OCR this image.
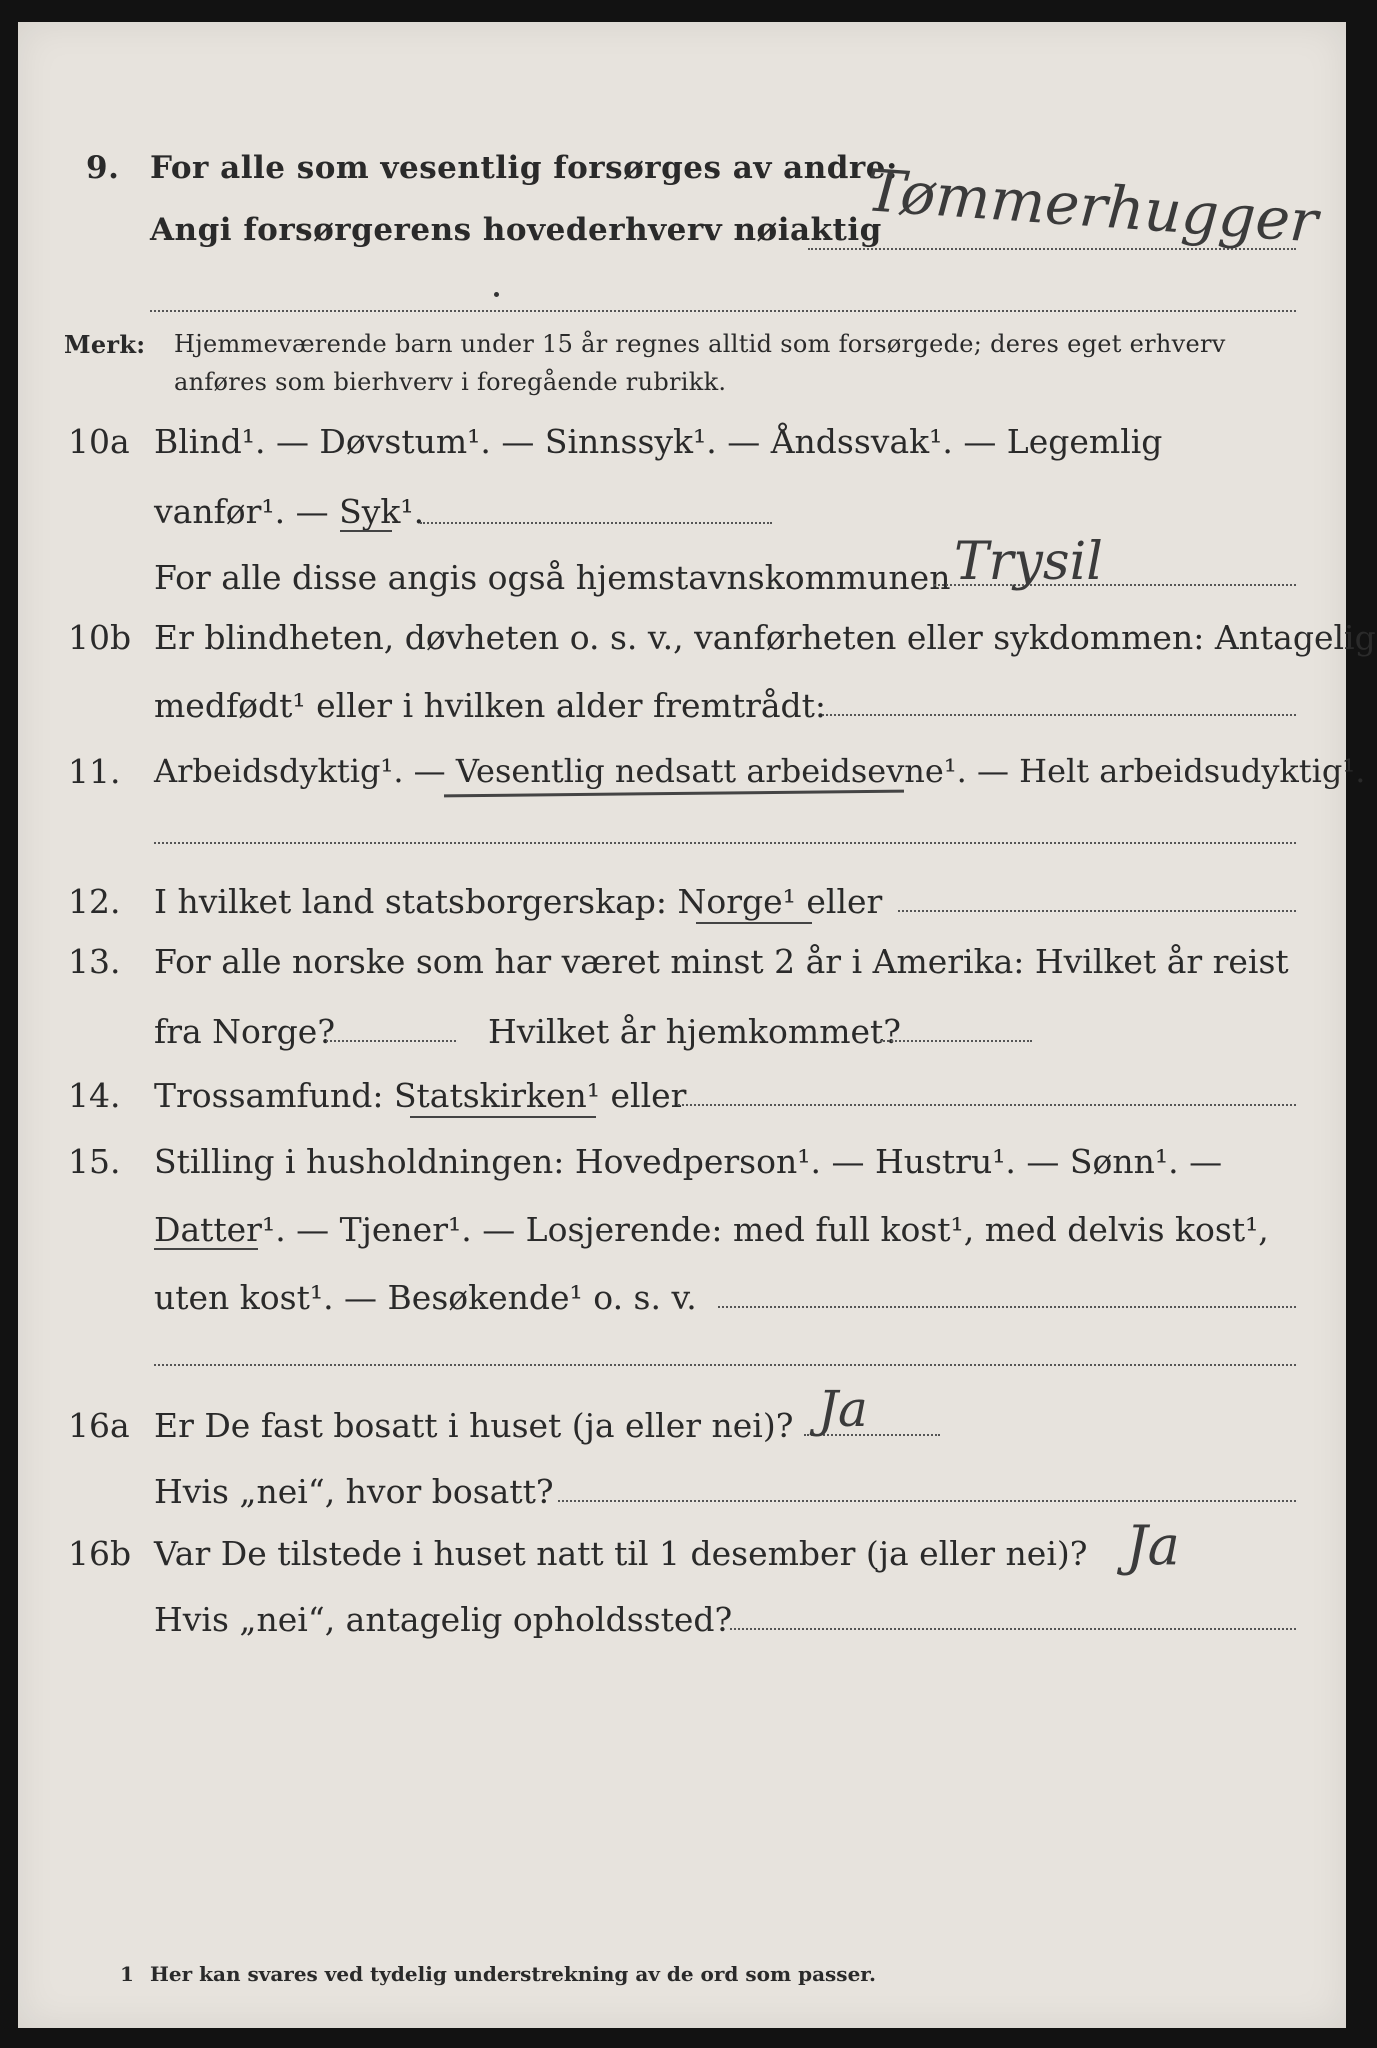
9. For alle som vesentlig forsørges av andre:
Angi forsørgerens hovederhverv nøiaktig
Tømmerhugger
Merk: Hjemmeværende barn under 15 år regnes alltid som forsørgede; deres eget erhverv
anføres som bierhverv i foregående rubrikk.
10a Blind¹. — Døvstum¹. — Sinnssyk¹. — Åndssvak¹. — Legemlig
vanfør¹. — Syk¹.
For alle disse angis også hjemstavnskommunen Trysil
10b Er blindheten, døvheten o. s. v., vanførheten eller sykdommen: Antagelig
medfødt¹ eller i hvilken alder fremtrådt:
11. Arbeidsdyktig¹. — Vesentlig nedsatt arbeidsevne¹. — Helt arbeidsudyktig¹.
12. I hvilket land statsborgerskap: Norge¹ eller
13. For alle norske som har været minst 2 år i Amerika: Hvilket år reist
fra Norge?	Hvilket år hjemkommet?
14. Trossamfund: Statskirken¹ eller
15. Stilling i husholdningen: Hovedperson¹. — Hustru¹. — Sønn¹. —
Datter¹. — Tjener¹. — Losjerende: med full kost¹, med delvis kost¹,
uten kost¹. — Besøkende¹ o. s. v.
16a Er De fast bosatt i huset (ja eller nei)? Ja
Hvis „nei“, hvor bosatt?
16b Var De tilstede i huset natt til 1 desember (ja eller nei)? Ja
Hvis „nei“, antagelig opholdssted?
1 Her kan svares ved tydelig understrekning av de ord som passer.
